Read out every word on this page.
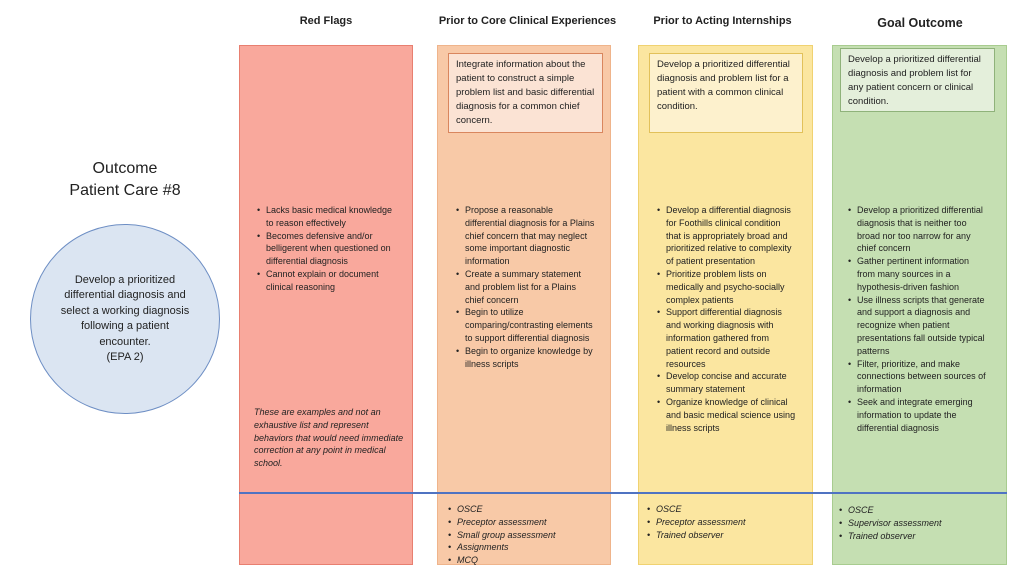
Red Flags	Prior to Core Clinical Experiences	Prior to Acting Internships	Goal Outcome
Outcome
Patient Care #8
Develop a prioritized differential diagnosis and select a working diagnosis following a patient encounter.
(EPA 2)
Integrate information about the patient to construct a simple problem list and basic differential diagnosis for a common chief concern.
Develop a prioritized differential diagnosis and problem list for a patient with a common clinical condition.
Develop a prioritized differential diagnosis and problem list for any patient concern or clinical condition.
• Lacks basic medical knowledge to reason effectively
• Becomes defensive and/or belligerent when questioned on differential diagnosis
• Cannot explain or document clinical reasoning
These are examples and not an exhaustive list and represent behaviors that would need immediate correction at any point in medical school.
• Propose a reasonable differential diagnosis for a Plains chief concern that may neglect some important diagnostic information
• Create a summary statement and problem list for a Plains chief concern
• Begin to utilize comparing/contrasting elements to support differential diagnosis
• Begin to organize knowledge by illness scripts
• Develop a differential diagnosis for Foothills clinical condition that is appropriately broad and prioritized relative to complexity of patient presentation
• Prioritize problem lists on medically and psycho-socially complex patients
• Support differential diagnosis and working diagnosis with information gathered from patient record and outside resources
• Develop concise and accurate summary statement
• Organize knowledge of clinical and basic medical science using illness scripts
• Develop a prioritized differential diagnosis that is neither too broad nor too narrow for any chief concern
• Gather pertinent information from many sources in a hypothesis-driven fashion
• Use illness scripts that generate and support a diagnosis and recognize when patient presentations fall outside typical patterns
• Filter, prioritize, and make connections between sources of information
• Seek and integrate emerging information to update the differential diagnosis
• OSCE
• Preceptor assessment
• Small group assessment
• Assignments
• MCQ
• OSCE
• Preceptor assessment
• Trained observer
• OSCE
• Supervisor assessment
• Trained observer
